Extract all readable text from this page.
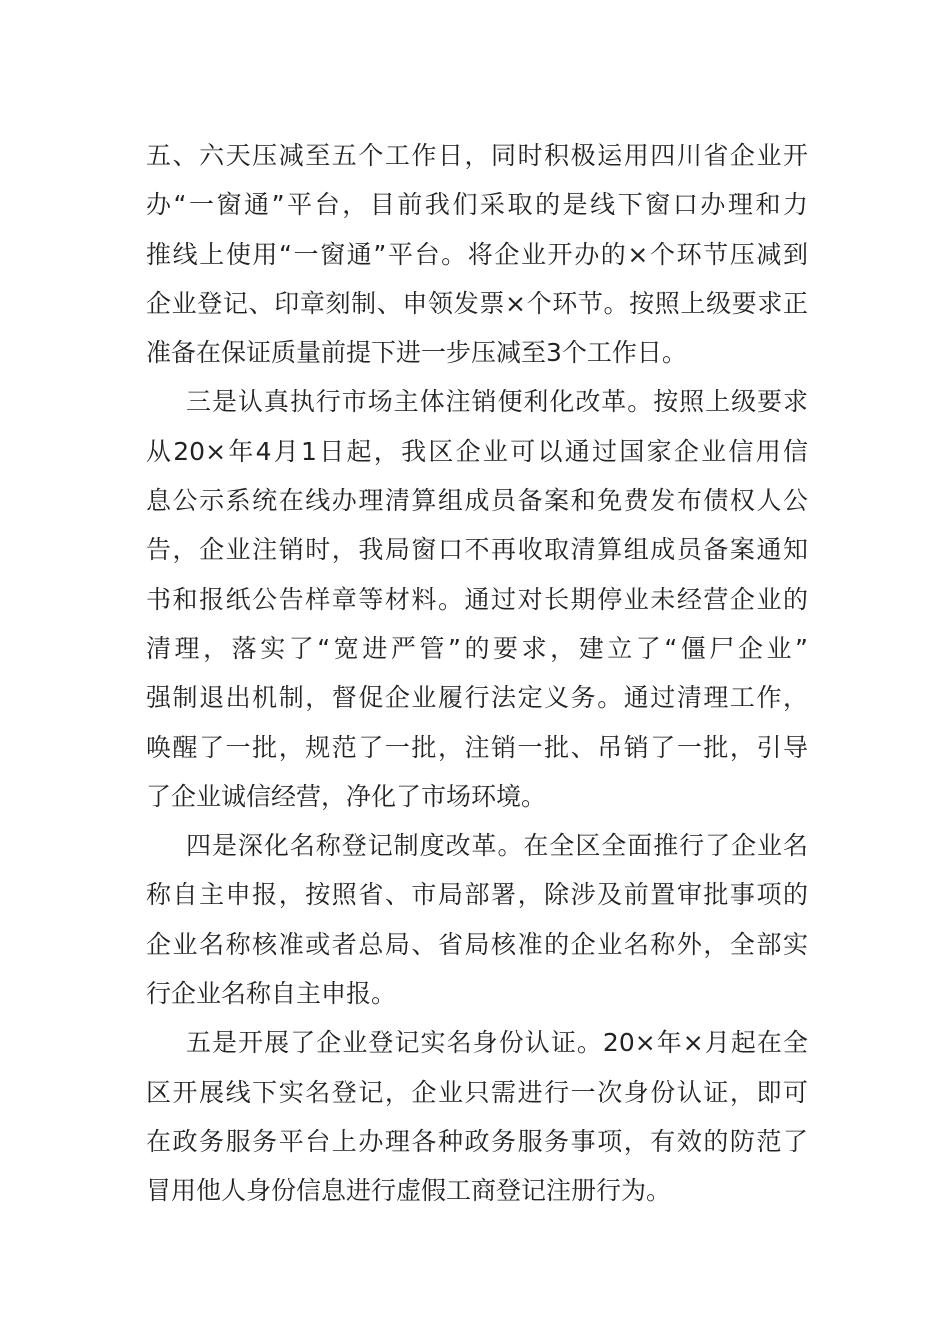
五、六天压减至五个工作日，同时积极运用四川省企业开
办“一窗通”平台，目前我们采取的是线下窗口办理和力
推线上使用“一窗通”平台。将企业开办的×个环节压减到
企业登记、印章刻制、申领发票×个环节。按照上级要求正
准备在保证质量前提下进一步压减至3个工作日。

三是认真执行市场主体注销便利化改革。按照上级要求
从20×年4月1日起，我区企业可以通过国家企业信用信
息公示系统在线办理清算组成员备案和免费发布债权人公
告，企业注销时，我局窗口不再收取清算组成员备案通知
书和报纸公告样章等材料。通过对长期停业未经营企业的
清理，落实了“宽进严管”的要求，建立了“僵尸企业”
强制退出机制，督促企业履行法定义务。通过清理工作，
唤醒了一批，规范了一批，注销一批、吊销了一批，引导
了企业诚信经营，净化了市场环境。

四是深化名称登记制度改革。在全区全面推行了企业名
称自主申报，按照省、市局部署，除涉及前置审批事项的
企业名称核准或者总局、省局核准的企业名称外，全部实
行企业名称自主申报。

五是开展了企业登记实名身份认证。20×年×月起在全
区开展线下实名登记，企业只需进行一次身份认证，即可
在政务服务平台上办理各种政务服务事项，有效的防范了
冒用他人身份信息进行虚假工商登记注册行为。
